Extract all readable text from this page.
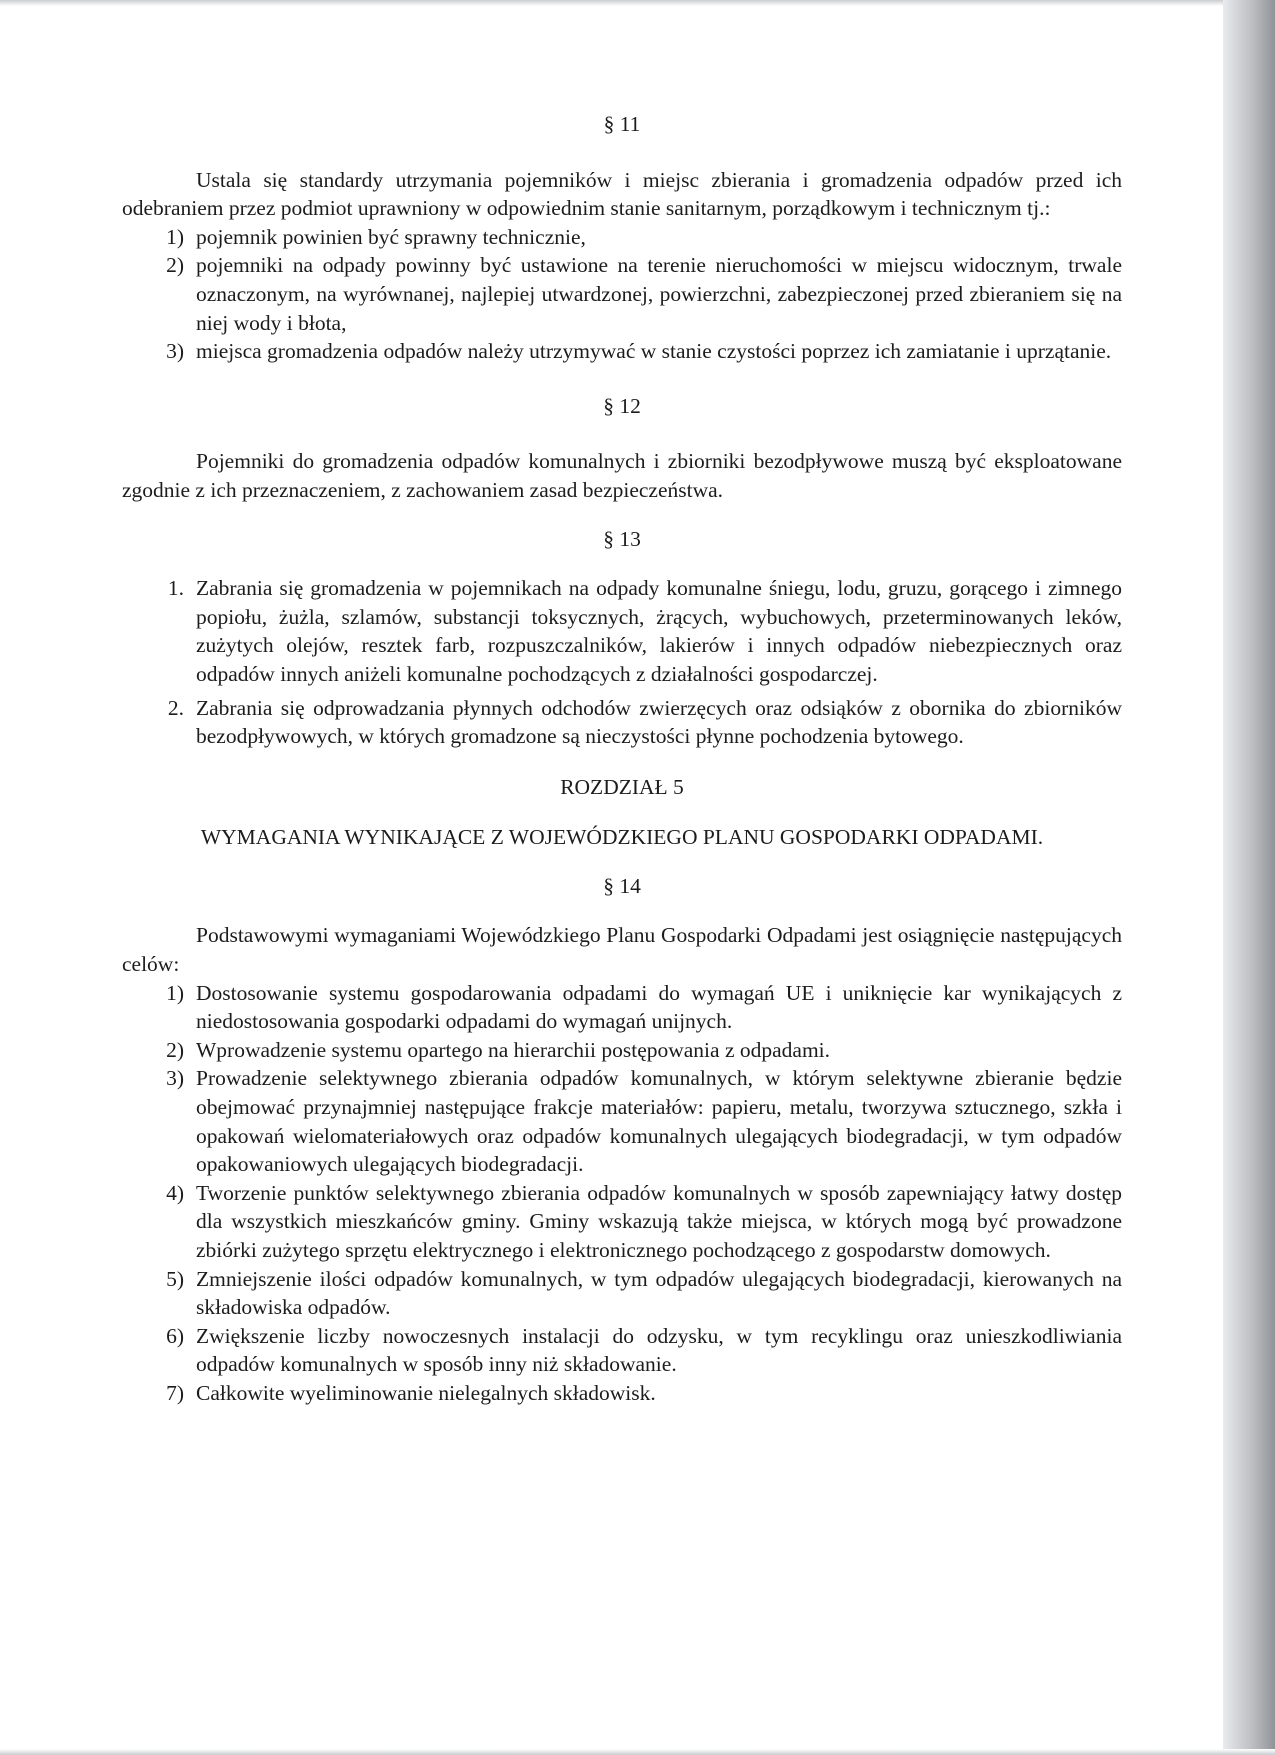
§ 11

Ustala się standardy utrzymania pojemników i miejsc zbierania i gromadzenia odpadów przed ich odebraniem przez podmiot uprawniony w odpowiednim stanie sanitarnym, porządkowym i technicznym tj.:

1) pojemnik powinien być sprawny technicznie,
2) pojemniki na odpady powinny być ustawione na terenie nieruchomości w miejscu widocznym, trwale oznaczonym, na wyrównanej, najlepiej utwardzonej, powierzchni, zabezpieczonej przed zbieraniem się na niej wody i błota,
3) miejsca gromadzenia odpadów należy utrzymywać w stanie czystości poprzez ich zamiatanie i uprzątanie.
§ 12

Pojemniki do gromadzenia odpadów komunalnych i zbiorniki bezodpływowe muszą być eksploatowane zgodnie z ich przeznaczeniem, z zachowaniem zasad bezpieczeństwa.

§ 13
1. Zabrania się gromadzenia w pojemnikach na odpady komunalne śniegu, lodu, gruzu, gorącego i zimnego popiołu, żużla, szlamów, substancji toksycznych, żrących, wybuchowych, przeterminowanych leków, zużytych olejów, resztek farb, rozpuszczalników, lakierów i innych odpadów niebezpiecznych oraz odpadów innych aniżeli komunalne pochodzących z działalności gospodarczej.
2. Zabrania się odprowadzania płynnych odchodów zwierzęcych oraz odsiąków z obornika do zbiorników bezodpływowych, w których gromadzone są nieczystości płynne pochodzenia bytowego.
ROZDZIAŁ 5
WYMAGANIA WYNIKAJĄCE Z WOJEWÓDZKIEGO PLANU GOSPODARKI ODPADAMI.
§ 14

Podstawowymi wymaganiami Wojewódzkiego Planu Gospodarki Odpadami jest osiągnięcie następujących celów:

1) Dostosowanie systemu gospodarowania odpadami do wymagań UE i uniknięcie kar wynikających z niedostosowania gospodarki odpadami do wymagań unijnych.
2) Wprowadzenie systemu opartego na hierarchii postępowania z odpadami.
3) Prowadzenie selektywnego zbierania odpadów komunalnych, w którym selektywne zbieranie będzie obejmować przynajmniej następujące frakcje materiałów: papieru, metalu, tworzywa sztucznego, szkła i opakowań wielomateriałowych oraz odpadów komunalnych ulegających biodegradacji, w tym odpadów opakowaniowych ulegających biodegradacji.
4) Tworzenie punktów selektywnego zbierania odpadów komunalnych w sposób zapewniający łatwy dostęp dla wszystkich mieszkańców gminy. Gminy wskazują także miejsca, w których mogą być prowadzone zbiórki zużytego sprzętu elektrycznego i elektronicznego pochodzącego z gospodarstw domowych.
5) Zmniejszenie ilości odpadów komunalnych, w tym odpadów ulegających biodegradacji, kierowanych na składowiska odpadów.
6) Zwiększenie liczby nowoczesnych instalacji do odzysku, w tym recyklingu oraz unieszkodliwiania odpadów komunalnych w sposób inny niż składowanie.
7) Całkowite wyeliminowanie nielegalnych składowisk.
